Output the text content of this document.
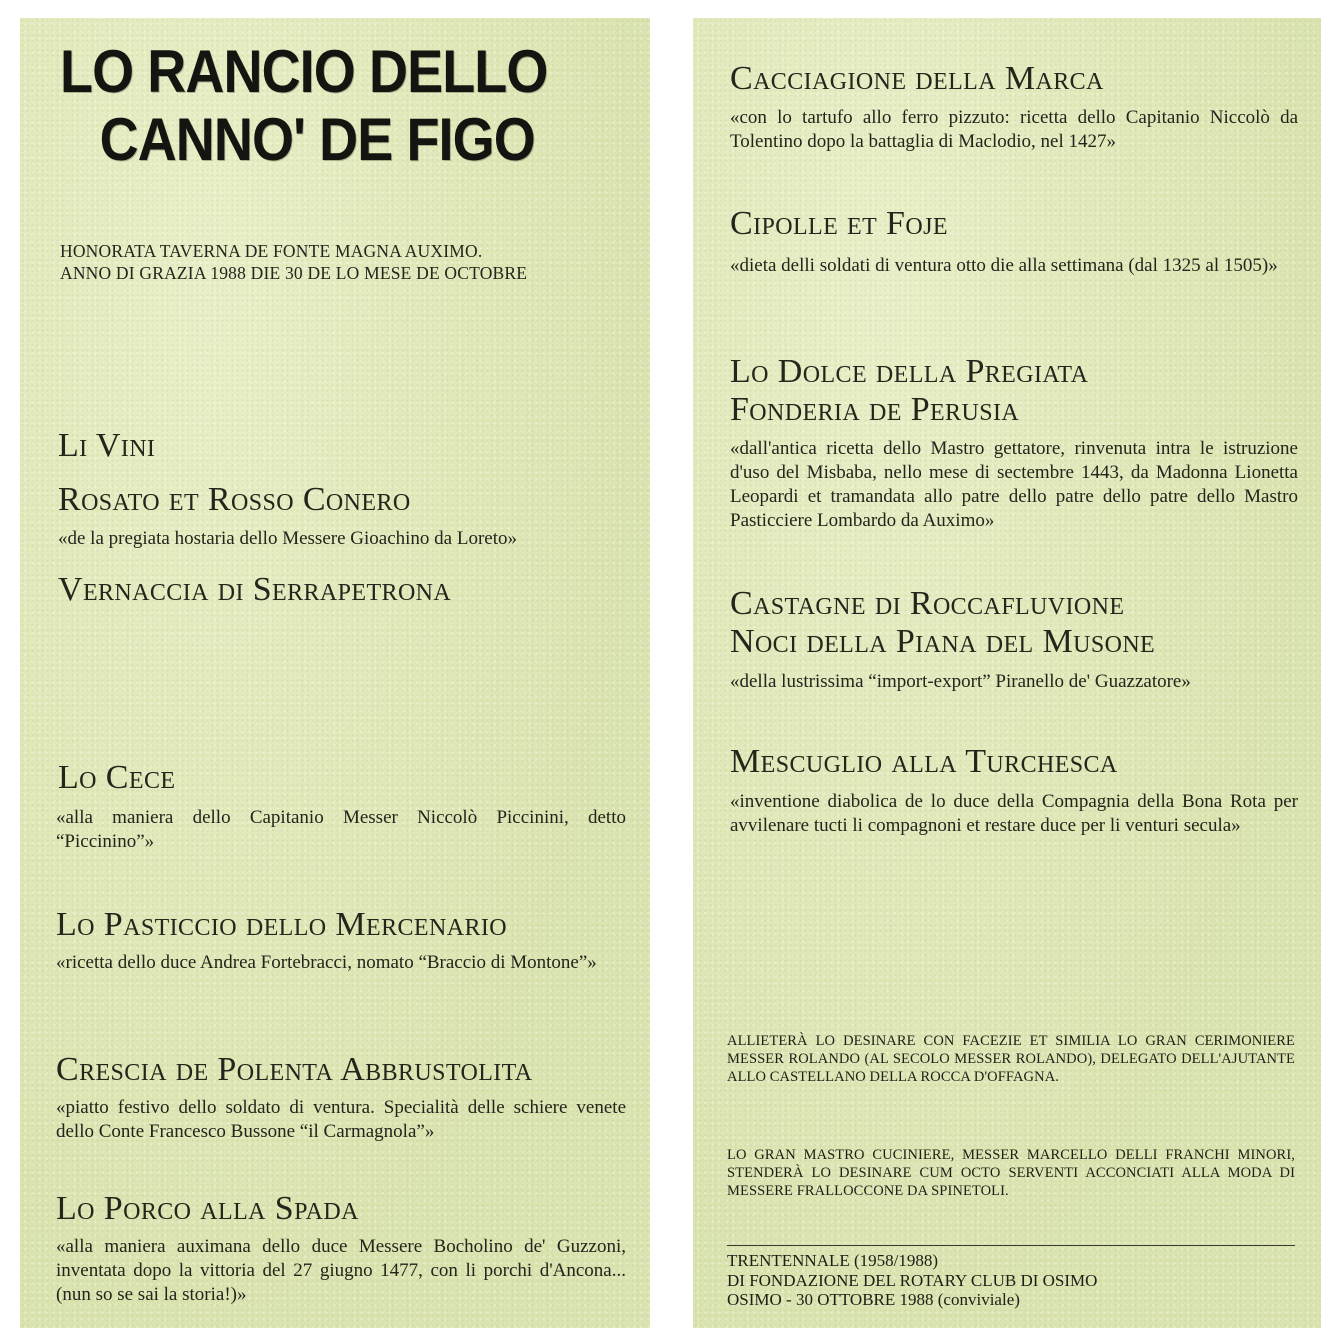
LO RANCIO DELLO
CANNO' DE FIGO
HONORATA TAVERNA DE FONTE MAGNA AUXIMO.
ANNO DI GRAZIA 1988 DIE 30 DE LO MESE DE OCTOBRE
Li Vini
Rosato et Rosso Conero
«de la pregiata hostaria dello Messere Gioachino da Loreto»
Vernaccia di Serrapetrona
Lo Cece
«alla maniera dello Capitanio Messer Niccolò Piccinini, detto “Piccinino”»
Lo Pasticcio dello Mercenario
«ricetta dello duce Andrea Fortebracci, nomato “Braccio di Montone”»
Crescia de Polenta Abbrustolita
«piatto festivo dello soldato di ventura. Specialità delle schiere venete dello Conte Francesco Bussone “il Carmagnola”»
Lo Porco alla Spada
«alla maniera auximana dello duce Messere Bocholino de' Guzzoni, inventata dopo la vittoria del 27 giugno 1477, con li porchi d'Ancona... (nun so se sai la storia!)»
Cacciagione della Marca
«con lo tartufo allo ferro pizzuto: ricetta dello Capitanio Niccolò da Tolentino dopo la battaglia di Maclodio, nel 1427»
Cipolle et Foje
«dieta delli soldati di ventura otto die alla settimana (dal 1325 al 1505)»
Lo Dolce della Pregiata
Fonderia de Perusia
«dall'antica ricetta dello Mastro gettatore, rinvenuta intra le istruzione d'uso del Misbaba, nello mese di sectembre 1443, da Madonna Lionetta Leopardi et tramandata allo patre dello patre dello patre dello Mastro Pasticciere Lombardo da Auximo»
Castagne di Roccafluvione
Noci della Piana del Musone
«della lustrissima “import-export” Piranello de' Guazzatore»
Mescuglio alla Turchesca
«inventione diabolica de lo duce della Compagnia della Bona Rota per avvilenare tucti li compagnoni et restare duce per li venturi secula»
ALLIETERÀ LO DESINARE CON FACEZIE ET SIMILIA LO GRAN CERIMONIERE MESSER ROLANDO (AL SECOLO MESSER ROLANDO), DELEGATO DELL'AJUTANTE ALLO CASTELLANO DELLA ROCCA D'OFFAGNA.
LO GRAN MASTRO CUCINIERE, MESSER MARCELLO DELLI FRANCHI MINORI, STENDERÀ LO DESINARE CUM OCTO SERVENTI ACCONCIATI ALLA MODA DI MESSERE FRALLOCCONE DA SPINETOLI.
TRENTENNALE (1958/1988)
DI FONDAZIONE DEL ROTARY CLUB DI OSIMO
OSIMO - 30 OTTOBRE 1988 (conviviale)
